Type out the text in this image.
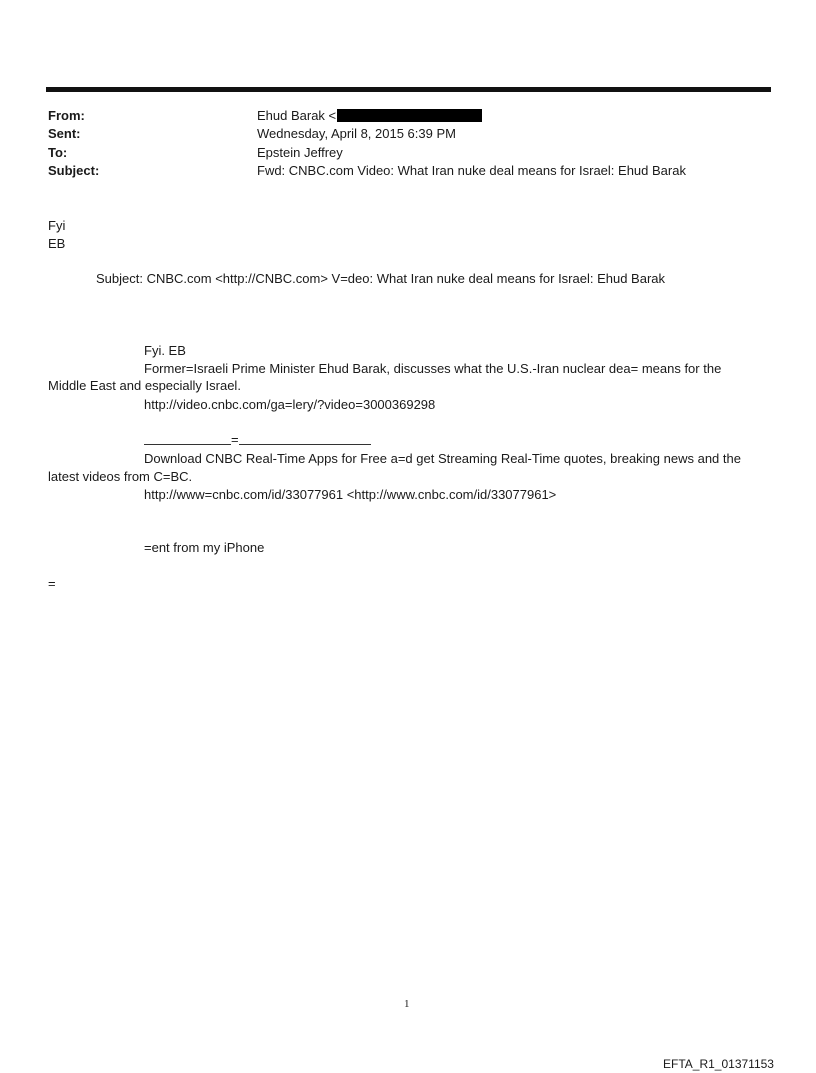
From:	Ehud Barak <
Sent:	Wednesday, April 8, 2015 6:39 PM
To:	Epstein Jeffrey
Subject:	Fwd: CNBC.com Video: What Iran nuke deal means for Israel: Ehud Barak
Fyi
EB
Subject: CNBC.com <http://CNBC.com> V=deo: What Iran nuke deal means for Israel: Ehud Barak
Fyi. EB
Former=Israeli Prime Minister Ehud Barak, discusses what the U.S.-Iran nuclear dea= means for the
Middle East and especially Israel.
http://video.cnbc.com/ga=lery/?video=3000369298
=
Download CNBC Real-Time Apps for Free a=d get Streaming Real-Time quotes, breaking news and the
latest videos from C=BC.
http://www=cnbc.com/id/33077961 <http://www.cnbc.com/id/33077961>
=ent from my iPhone
=
1
EFTA_R1_01371153
